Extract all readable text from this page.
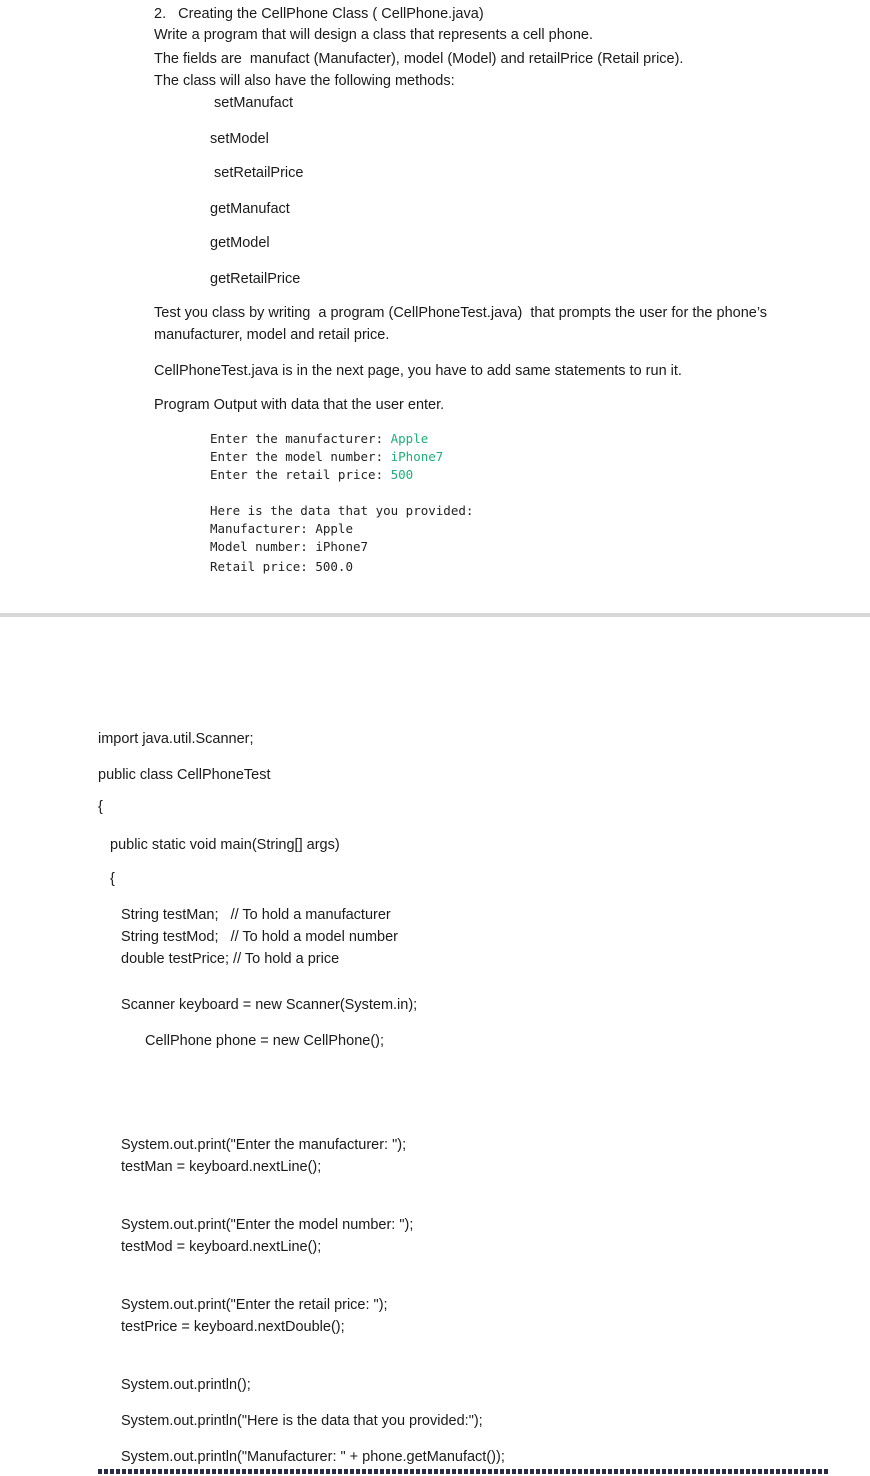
2.   Creating the CellPhone Class ( CellPhone.java)
Write a program that will design a class that represents a cell phone.
The fields are  manufact (Manufacter), model (Model) and retailPrice (Retail price).
The class will also have the following methods:
setManufact
setModel
setRetailPrice
getManufact
getModel
getRetailPrice
Test you class by writing  a program (CellPhoneTest.java)  that prompts the user for the phone’s
manufacturer, model and retail price.
CellPhoneTest.java is in the next page, you have to add same statements to run it.
Program Output with data that the user enter.
Enter the manufacturer: Apple
Enter the model number: iPhone7
Enter the retail price: 500
Here is the data that you provided:
Manufacturer: Apple
Model number: iPhone7
Retail price: 500.0
import java.util.Scanner;
public class CellPhoneTest
{
public static void main(String[] args)
{
String testMan;   // To hold a manufacturer
String testMod;   // To hold a model number
double testPrice; // To hold a price
Scanner keyboard = new Scanner(System.in);
CellPhone phone = new CellPhone();
System.out.print("Enter the manufacturer: ");
testMan = keyboard.nextLine();
System.out.print("Enter the model number: ");
testMod = keyboard.nextLine();
System.out.print("Enter the retail price: ");
testPrice = keyboard.nextDouble();
System.out.println();
System.out.println("Here is the data that you provided:");
System.out.println("Manufacturer: " + phone.getManufact());
